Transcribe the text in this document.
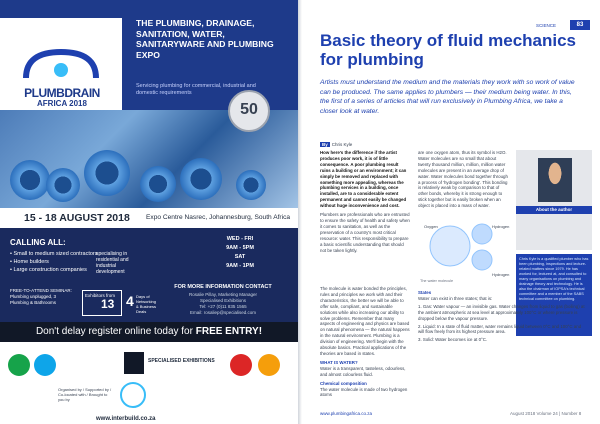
PLUMBDRAIN
AFRICA 2018
THE PLUMBING, DRAINAGE, SANITATION, WATER, SANITARYWARE AND PLUMBING EXPO
Servicing plumbing for commercial, industrial and domestic requirements
50
15 - 18 AUGUST 2018 Expo Centre Nasrec, Johannesburg, South Africa
CALLING ALL:
• Small to medium sized contractors
• Home builders
• Large construction companies
specialising in residential and industrial development
WED - FRI
9AM - 5PM
SAT
9AM - 1PM
FOR MORE INFORMATION CONTACT
Rosalie Pillay, Marketing Manager
Specialised Exhibitions
Tel: +27 (0)11 835 1565
Email: rosaliep@specialised.com
FREE-TO-ATTEND SEMINAR: Plumbing unplugged, 3 Plumbing & Bathrooms
Exhibitors from
13 4 Days of Networking & Business Deals
Don't delay register online today for FREE ENTRY!
SPECIALISED EXHIBITIONS
Organised by / Supported by / Co-located with / Brought to you by
www.interbuild.co.za
SCIENCE	83
Basic theory of fluid mechanics for plumbing

Artists must understand the medium and the materials they work with so work of value can be produced. The same applies to plumbers — their medium being water. In this, the first of a series of articles that will run exclusively in Plumbing Africa, we take a closer look at water.

By Chris Kyle
How here's the difference if the artist produces poor work, it is of little consequence. A poor plumbing result ruins a building or an environment; it can simply be removed and replaced with something more appealing, whereas the plumbing services in a building, once installed, are to a considerable extent permanent and cannot easily be changed without huge inconvenience and cost.
Plumbers are professionals who are entrusted to ensure the safety of health and safety when it comes to sanitation, as well as the preservation of a country's most critical resource: water. This responsibility to prepare a basic scientific understanding that should not be taken lightly.
are one oxygen atom, thus its symbol is H2O. Water molecules are so small that about twenty thousand million, million, million water molecules are present in an average drop of water. Water molecules bond together through a process of 'hydrogen bonding'. This bonding is relatively weak by comparison to that of other bonds, whereby it is strong enough to stick together but is easily broken when an object is placed into a mass of water.
About the author
Chris Kyle is a qualified plumber who has been plumbing, inspections and lecture-related matters since 1979. He has worked for, lectured at, and consulted to many organisations on plumbing and drainage theory and technology. He is also the chairman of IOPSA's technical committee and a member of the SABS technical committee on plumbing.
Oxygen	Hydrogen
Hydrogen
The water molecule
The molecule is water bonded the principles, rules and principles we work with and their characteristics, the better we will be able to offer safe, compliant, and sustainable solutions while also increasing our ability to solve problems. Remember that many aspects of engineering and physics are based on natural phenomena — the natural happens in the natural environment. Plumbing is a division of engineering. We'll begin with the absolute basics. Practical applications of the theories are based in states.
WHAT IS WATER?
Water is a transparent, tasteless, odourless, and almost colourless fluid.
Chemical composition
The water molecule is made of two hydrogen atoms
States
Water can exist in three states; that is:
1. Gas: Water vapour — an invisible gas. Water changes from liquid to gas (boiling) at the ambient atmospheric at sea level at approximately 100°C or where pressure is dropped below the vapour pressure.
2. Liquid: In a state of fluid matter, water remains liquid between 0°C and 100°C and will flow freely from its highest pressure area.
3. Solid: Water becomes ice at 0°C.
www.plumbingafrica.co.za	August 2018 Volume 24 | Number 8
